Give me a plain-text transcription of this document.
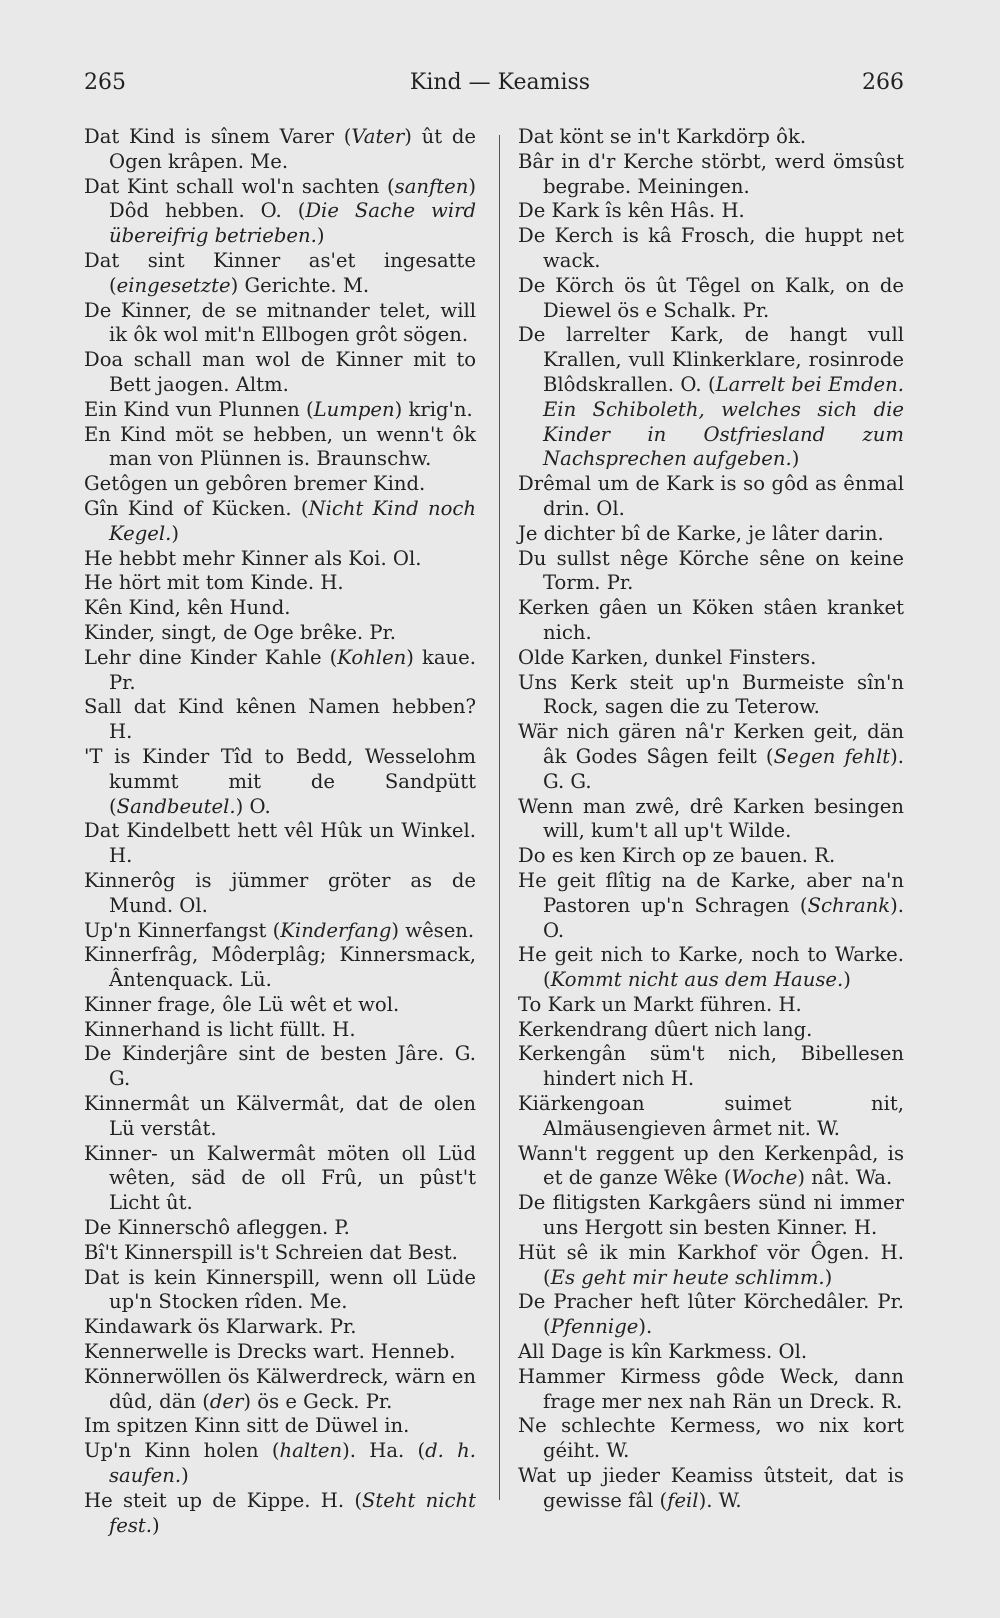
265	Kind — Keamiss	266
Dat Kind is sînem Varer (Vater) ût de Ogen krâpen. Me.
Dat Kint schall wol'n sachten (sanften) Dôd hebben. O. (Die Sache wird übereifrig betrieben.)
Dat sint Kinner as'et ingesatte (eingesetzte) Gerichte. M.
De Kinner, de se mitnander telet, will ik ôk wol mit'n Ellbogen grôt sögen.
Doa schall man wol de Kinner mit to Bett jaogen. Altm.
Ein Kind vun Plunnen (Lumpen) krig'n.
En Kind möt se hebben, un wenn't ôk man von Plünnen is. Braunschw.
Getôgen un gebôren bremer Kind.
Gîn Kind of Kücken. (Nicht Kind noch Kegel.)
He hebbt mehr Kinner als Koi. Ol.
He hört mit tom Kinde. H.
Kên Kind, kên Hund.
Kinder, singt, de Oge brêke. Pr.
Lehr dine Kinder Kahle (Kohlen) kaue. Pr.
Sall dat Kind kênen Namen hebben? H.
'T is Kinder Tîd to Bedd, Wesselohm kummt mit de Sandpütt (Sandbeutel.) O.
Dat Kindelbett hett vêl Hûk un Winkel. H.
Kinnerôg is jümmer gröter as de Mund. Ol.
Up'n Kinnerfangst (Kinderfang) wêsen.
Kinnerfrâg, Môderplâg; Kinnersmack, Ântenquack. Lü.
Kinner frage, ôle Lü wêt et wol.
Kinnerhand is licht füllt. H.
De Kinderjâre sint de besten Jâre. G. G.
Kinnermât un Kälvermât, dat de olen Lü verstât.
Kinner- un Kalwermât möten oll Lüd wêten, säd de oll Frû, un pûst't Licht ût.
De Kinnerschô afleggen. P.
Bî't Kinnerspill is't Schreien dat Best.
Dat is kein Kinnerspill, wenn oll Lüde up'n Stocken rîden. Me.
Kindawark ös Klarwark. Pr.
Kennerwelle is Drecks wart. Henneb.
Könnerwöllen ös Kälwerdreck, wärn en dûd, dän (der) ös e Geck. Pr.
Im spitzen Kinn sitt de Düwel in.
Up'n Kinn holen (halten). Ha. (d. h. saufen.)
He steit up de Kippe. H. (Steht nicht fest.)
Dat könt se in't Karkdörp ôk.
Bâr in d'r Kerche störbt, werd ömsûst begrabe. Meiningen.
De Kark îs kên Hâs. H.
De Kerch is kâ Frosch, die huppt net wack.
De Körch ös ût Têgel on Kalk, on de Diewel ös e Schalk. Pr.
De larrelter Kark, de hangt vull Krallen, vull Klinkerklare, rosinrode Blôdskrallen. O. (Larrelt bei Emden. Ein Schiboleth, welches sich die Kinder in Ostfriesland zum Nachsprechen aufgeben.)
Drêmal um de Kark is so gôd as ênmal drin. Ol.
Je dichter bî de Karke, je lâter darin.
Du sullst nêge Körche sêne on keine Torm. Pr.
Kerken gâen un Köken stâen kranket nich.
Olde Karken, dunkel Finsters.
Uns Kerk steit up'n Burmeiste sîn'n Rock, sagen die zu Teterow.
Wär nich gären nâ'r Kerken geit, dän âk Godes Sâgen feilt (Segen fehlt). G. G.
Wenn man zwê, drê Karken besingen will, kum't all up't Wilde.
Do es ken Kirch op ze bauen. R.
He geit flîtig na de Karke, aber na'n Pastoren up'n Schragen (Schrank). O.
He geit nich to Karke, noch to Warke. (Kommt nicht aus dem Hause.)
To Kark un Markt führen. H.
Kerkendrang dûert nich lang.
Kerkengân süm't nich, Bibellesen hindert nich H.
Kiärkengoan suimet nit, Almäusengieven ârmet nit. W.
Wann't reggent up den Kerkenpâd, is et de ganze Wêke (Woche) nât. Wa.
De flitigsten Karkgâers sünd ni immer uns Hergott sin besten Kinner. H.
Hüt sê ik min Karkhof vör Ôgen. H. (Es geht mir heute schlimm.)
De Pracher heft lûter Körchedâler. Pr. (Pfennige).
All Dage is kîn Karkmess. Ol.
Hammer Kirmess gôde Weck, dann frage mer nex nah Rän un Dreck. R.
Ne schlechte Kermess, wo nix kort géiht. W.
Wat up jieder Keamiss ûtsteit, dat is gewisse fâl (feil). W.
